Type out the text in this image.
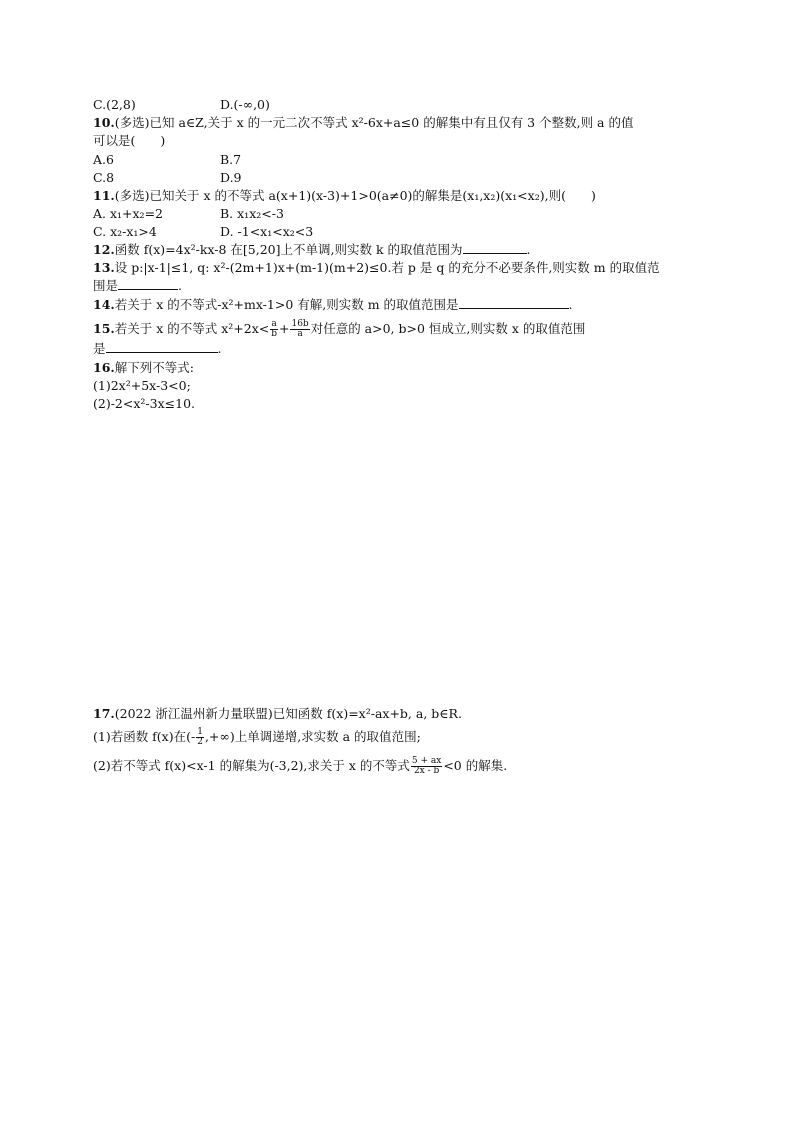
C.(2,8)	D.(-∞,0)
10.(多选)已知 a∈Z,关于 x 的一元二次不等式 x²-6x+a≤0 的解集中有且仅有 3 个整数,则 a 的值
可以是(　　)
A.6	B.7
C.8	D.9
11.(多选)已知关于 x 的不等式 a(x+1)(x-3)+1>0(a≠0)的解集是(x₁,x₂)(x₁<x₂),则(　　)
A. x₁+x₂=2	B. x₁x₂<-3
C. x₂-x₁>4	D. -1<x₁<x₂<3
12.函数 f(x)=4x²-kx-8 在[5,20]上不单调,则实数 k 的取值范围为	.
13.设 p:|x-1|≤1, q: x²-(2m+1)x+(m-1)(m+2)≤0.若 p 是 q 的充分不必要条件,则实数 m 的取值范
围是	.
14.若关于 x 的不等式-x²+mx-1>0 有解,则实数 m 的取值范围是	.
15.若关于 x 的不等式 $x^2+2x< \frac{a}{b} + \frac{16b}{a}$ 对任意的 a>0, b>0 恒成立,则实数 x 的取值范围
是	.
16.解下列不等式:
(1)2x²+5x-3<0;
(2)-2<x²-3x≤10.
17.(2022 浙江温州新力量联盟)已知函数 f(x)=x²-ax+b, a, b∈R.
(1)若函数 f(x)在(- $\frac{1}{2}$ ,+∞)上单调递增,求实数 a 的取值范围;
(2)若不等式 f(x)<x-1 的解集为(-3,2),求关于 x 的不等式 $\frac{5 + ax}{2x - b} <0$ 的解集.
